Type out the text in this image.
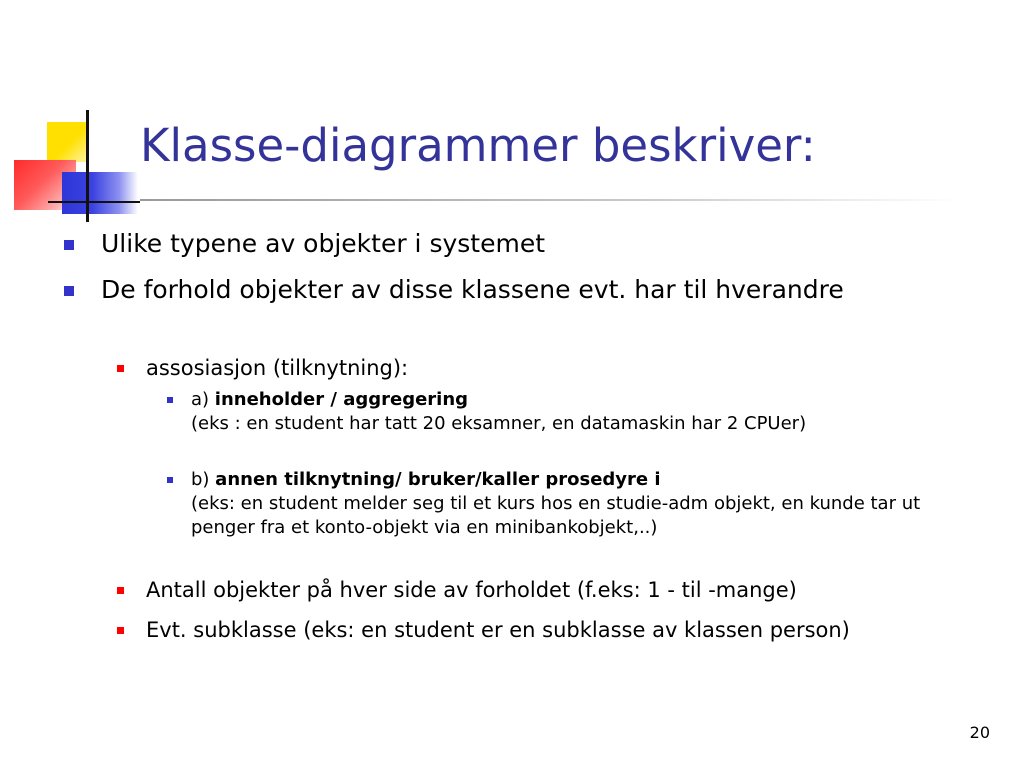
Klasse-diagrammer beskriver:
Ulike typene av objekter i systemet
De forhold objekter av disse klassene evt. har til hverandre
assosiasjon (tilknytning):
a) inneholder / aggregering
(eks : en student har tatt 20 eksamner, en datamaskin har 2 CPUer)
b) annen tilknytning/ bruker/kaller prosedyre i
(eks: en student melder seg til et kurs hos en studie-adm objekt, en kunde tar ut penger fra et konto-objekt via en minibankobjekt,..)
Antall objekter på hver side av forholdet (f.eks: 1 - til -mange)
Evt. subklasse (eks: en student er en subklasse av klassen person)
20
